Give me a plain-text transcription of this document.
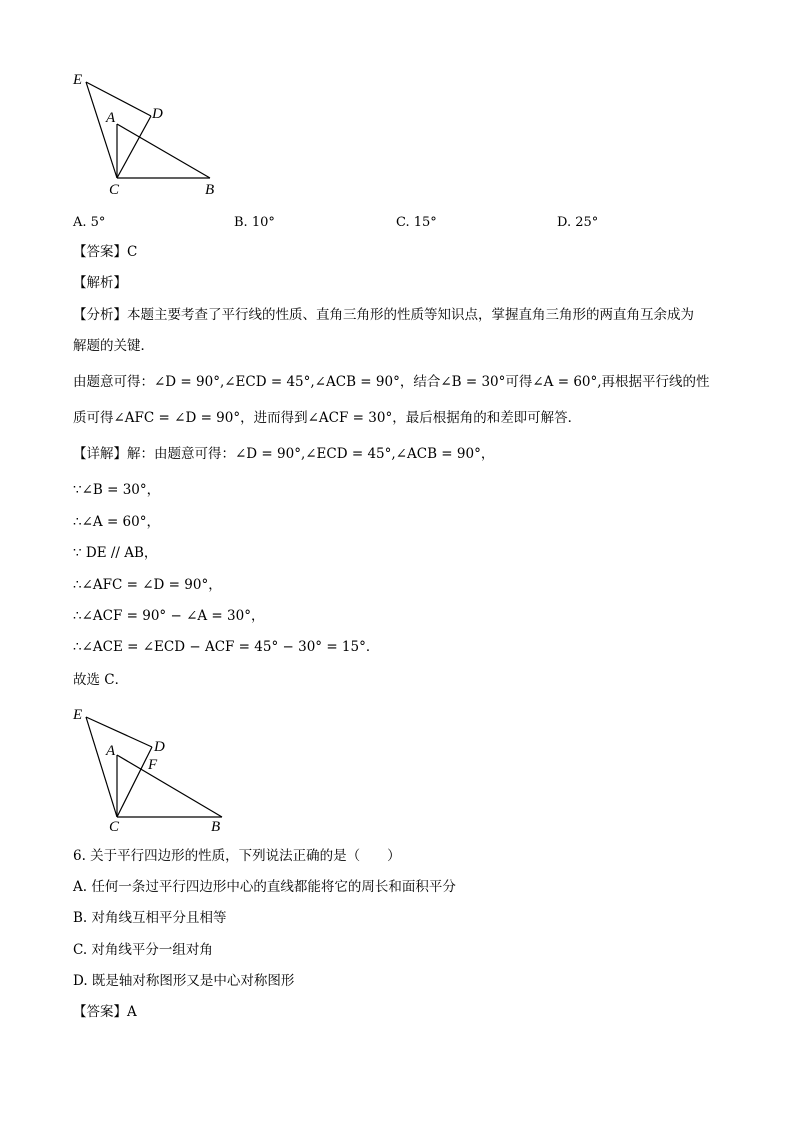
E
A D
C	B
A. 5°	B. 10°	C. 15°	D. 25°
【答案】C
【解析】
【分析】本题主要考查了平行线的性质、直角三角形的性质等知识点，掌握直角三角形的两直角互余成为
解题的关键．
由题意可得：∠D = 90°,∠ECD = 45°,∠ACB = 90°，结合∠B = 30°可得∠A = 60°,再根据平行线的性
质可得∠AFC = ∠D = 90°，进而得到∠ACF = 30°，最后根据角的和差即可解答．
【详解】解：由题意可得：∠D = 90°,∠ECD = 45°,∠ACB = 90°，
∵∠B = 30°，
∴∠A = 60°，
∵ DE // AB，
∴∠AFC = ∠D = 90°，
∴∠ACF = 90° − ∠A = 30°，
∴∠ACE = ∠ECD − ACF = 45° − 30° = 15°．
故选 C．
E
A	D
F
C	B
6. 关于平行四边形的性质，下列说法正确的是（　　）
A. 任何一条过平行四边形中心的直线都能将它的周长和面积平分
B. 对角线互相平分且相等
C. 对角线平分一组对角
D. 既是轴对称图形又是中心对称图形
【答案】A
